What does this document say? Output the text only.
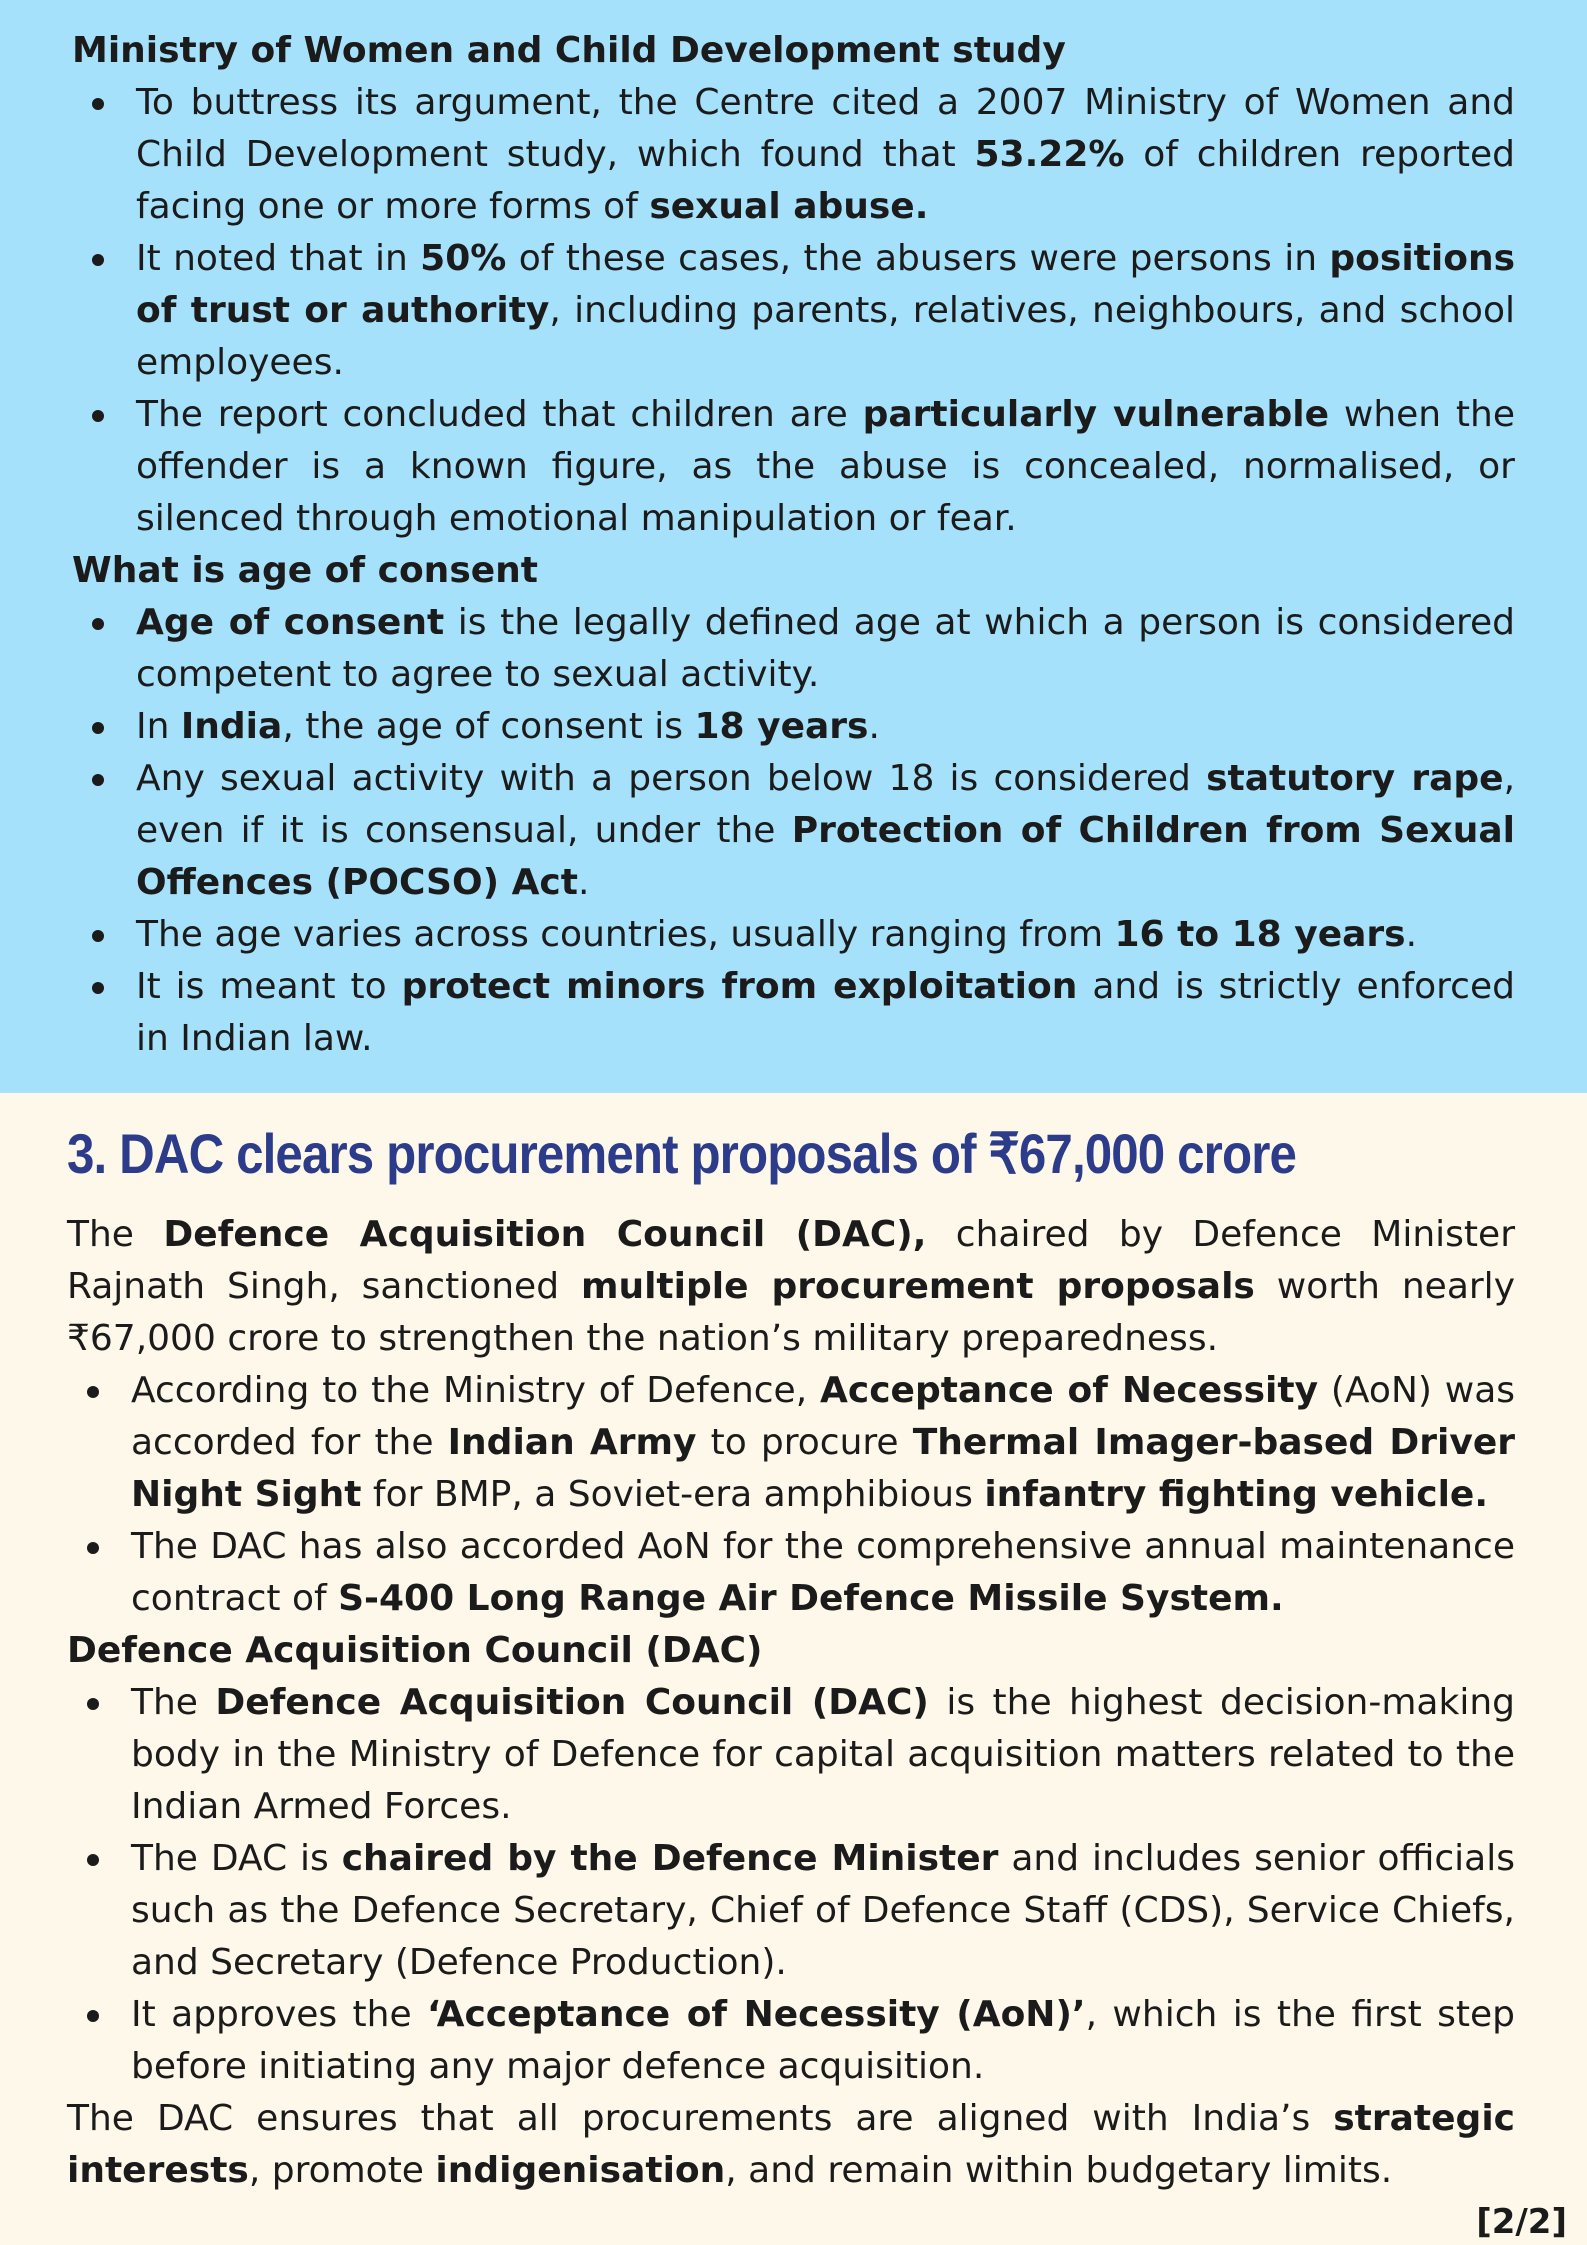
Ministry of Women and Child Development study
To buttress its argument, the Centre cited a 2007 Ministry of Women and Child Development study, which found that 53.22% of children reported facing one or more forms of sexual abuse.
It noted that in 50% of these cases, the abusers were persons in positions of trust or authority, including parents, relatives, neighbours, and school employees.
The report concluded that children are particularly vulnerable when the offender is a known figure, as the abuse is concealed, normalised, or silenced through emotional manipulation or fear.
What is age of consent
Age of consent is the legally defined age at which a person is considered competent to agree to sexual activity.
In India, the age of consent is 18 years.
Any sexual activity with a person below 18 is considered statutory rape, even if it is consensual, under the Protection of Children from Sexual Offences (POCSO) Act.
The age varies across countries, usually ranging from 16 to 18 years.
It is meant to protect minors from exploitation and is strictly enforced in Indian law.
3. DAC clears procurement proposals of ₹67,000 crore

The Defence Acquisition Council (DAC), chaired by Defence Minister Rajnath Singh, sanctioned multiple procurement proposals worth nearly ₹67,000 crore to strengthen the nation’s military preparedness.

According to the Ministry of Defence, Acceptance of Necessity (AoN) was accorded for the Indian Army to procure Thermal Imager-based Driver Night Sight for BMP, a Soviet-era amphibious infantry fighting vehicle.
The DAC has also accorded AoN for the comprehensive annual maintenance contract of S-400 Long Range Air Defence Missile System.
Defence Acquisition Council (DAC)
The Defence Acquisition Council (DAC) is the highest decision-making body in the Ministry of Defence for capital acquisition matters related to the Indian Armed Forces.
The DAC is chaired by the Defence Minister and includes senior officials such as the Defence Secretary, Chief of Defence Staff (CDS), Service Chiefs, and Secretary (Defence Production).
It approves the ‘Acceptance of Necessity (AoN)’, which is the first step before initiating any major defence acquisition.

The DAC ensures that all procurements are aligned with India’s strategic interests, promote indigenisation, and remain within budgetary limits.

[2/2]
